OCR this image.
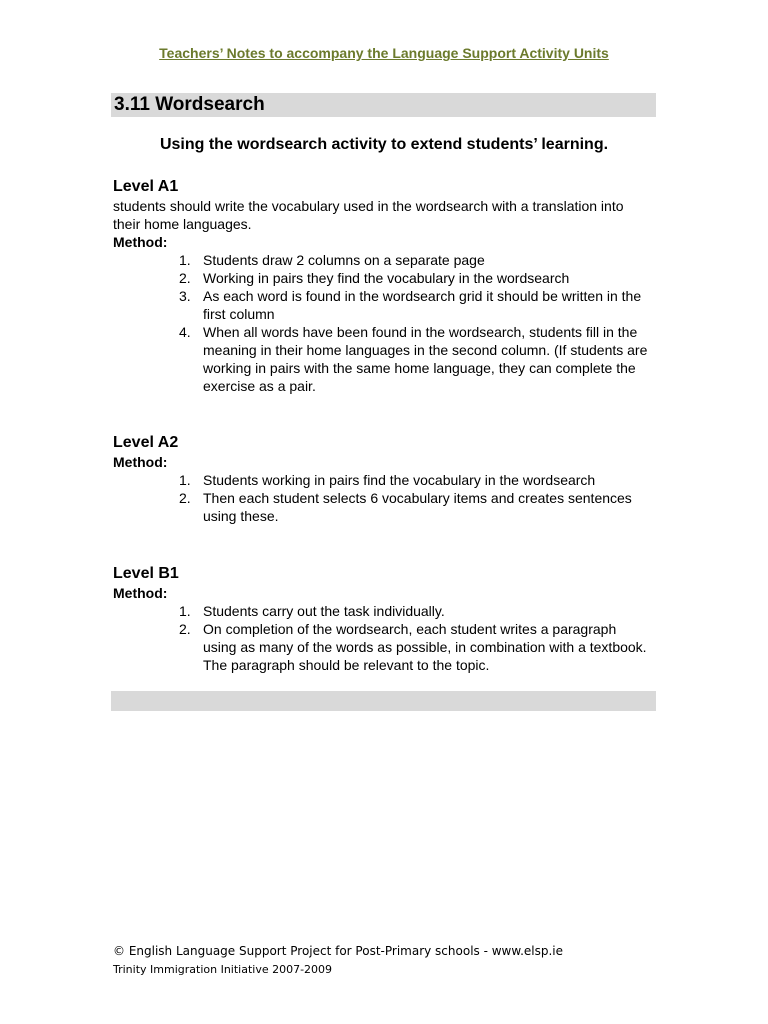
Teachers’ Notes to accompany the Language Support Activity Units
3.11 Wordsearch
Using the wordsearch activity to extend students’ learning.
Level A1
students should write the vocabulary used in the wordsearch with a translation into their home languages.
Method:
1. Students draw 2 columns on a separate page
2. Working in pairs they find the vocabulary in the wordsearch
3. As each word is found in the wordsearch grid it should be written in the first column
4. When all words have been found in the wordsearch, students fill in the meaning in their home languages in the second column. (If students are working in pairs with the same home language, they can complete the exercise as a pair.
Level A2
Method:
1. Students working in pairs find the vocabulary in the wordsearch
2. Then each student selects 6 vocabulary items and creates sentences using these.
Level B1
Method:
1. Students carry out the task individually.
2. On completion of the wordsearch, each student writes a paragraph using as many of the words as possible, in combination with a textbook. The paragraph should be relevant to the topic.
© English Language Support Project for Post-Primary schools - www.elsp.ie
Trinity Immigration Initiative 2007-2009
